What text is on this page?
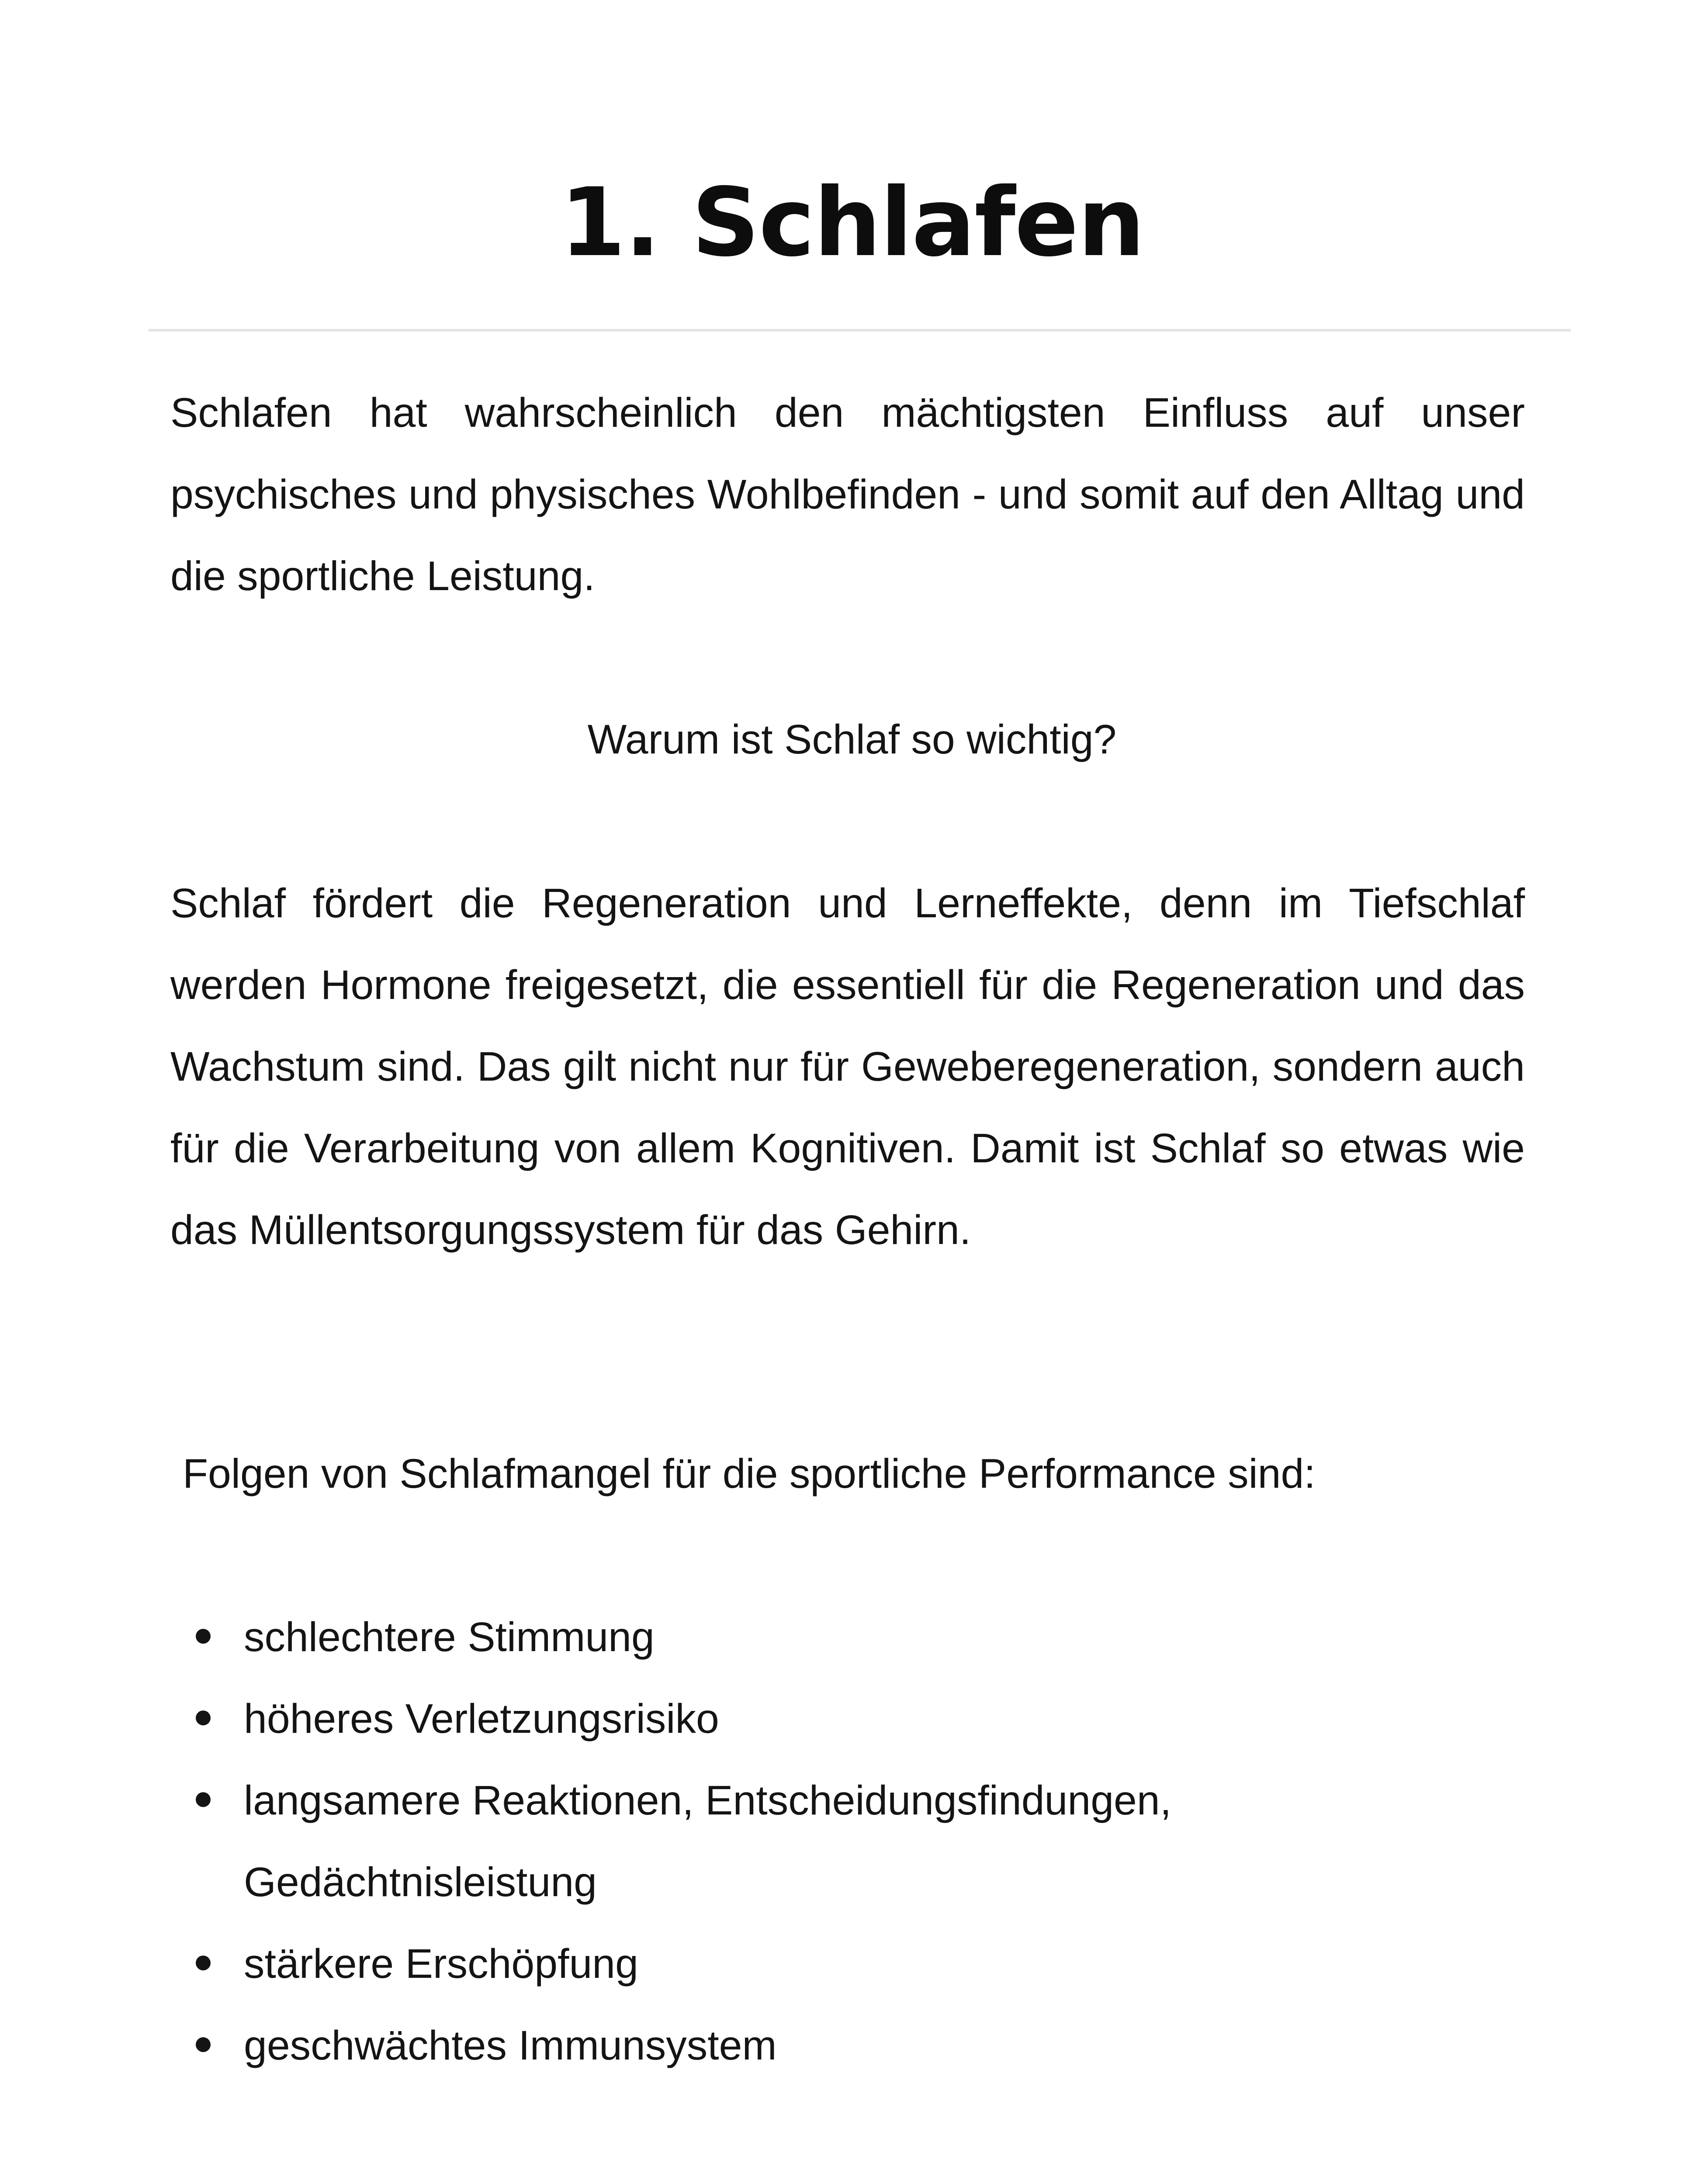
1. Schlafen

Schlafen hat wahrscheinlich den mächtigsten Einfluss auf unser psychisches und physisches Wohlbefinden - und somit auf den Alltag und die sportliche Leistung.

Warum ist Schlaf so wichtig?

Schlaf fördert die Regeneration und Lerneffekte, denn im Tiefschlaf werden Hormone freigesetzt, die essentiell für die Regeneration und das Wachstum sind. Das gilt nicht nur für Geweberegeneration, sondern auch für die Verarbeitung von allem Kognitiven. Damit ist Schlaf so etwas wie das Müllentsorgungssystem für das Gehirn.

Folgen von Schlafmangel für die sportliche Performance sind:

schlechtere Stimmung
höheres Verletzungsrisiko
langsamere Reaktionen, Entscheidungsfindungen, Gedächtnisleistung
stärkere Erschöpfung
geschwächtes Immunsystem
